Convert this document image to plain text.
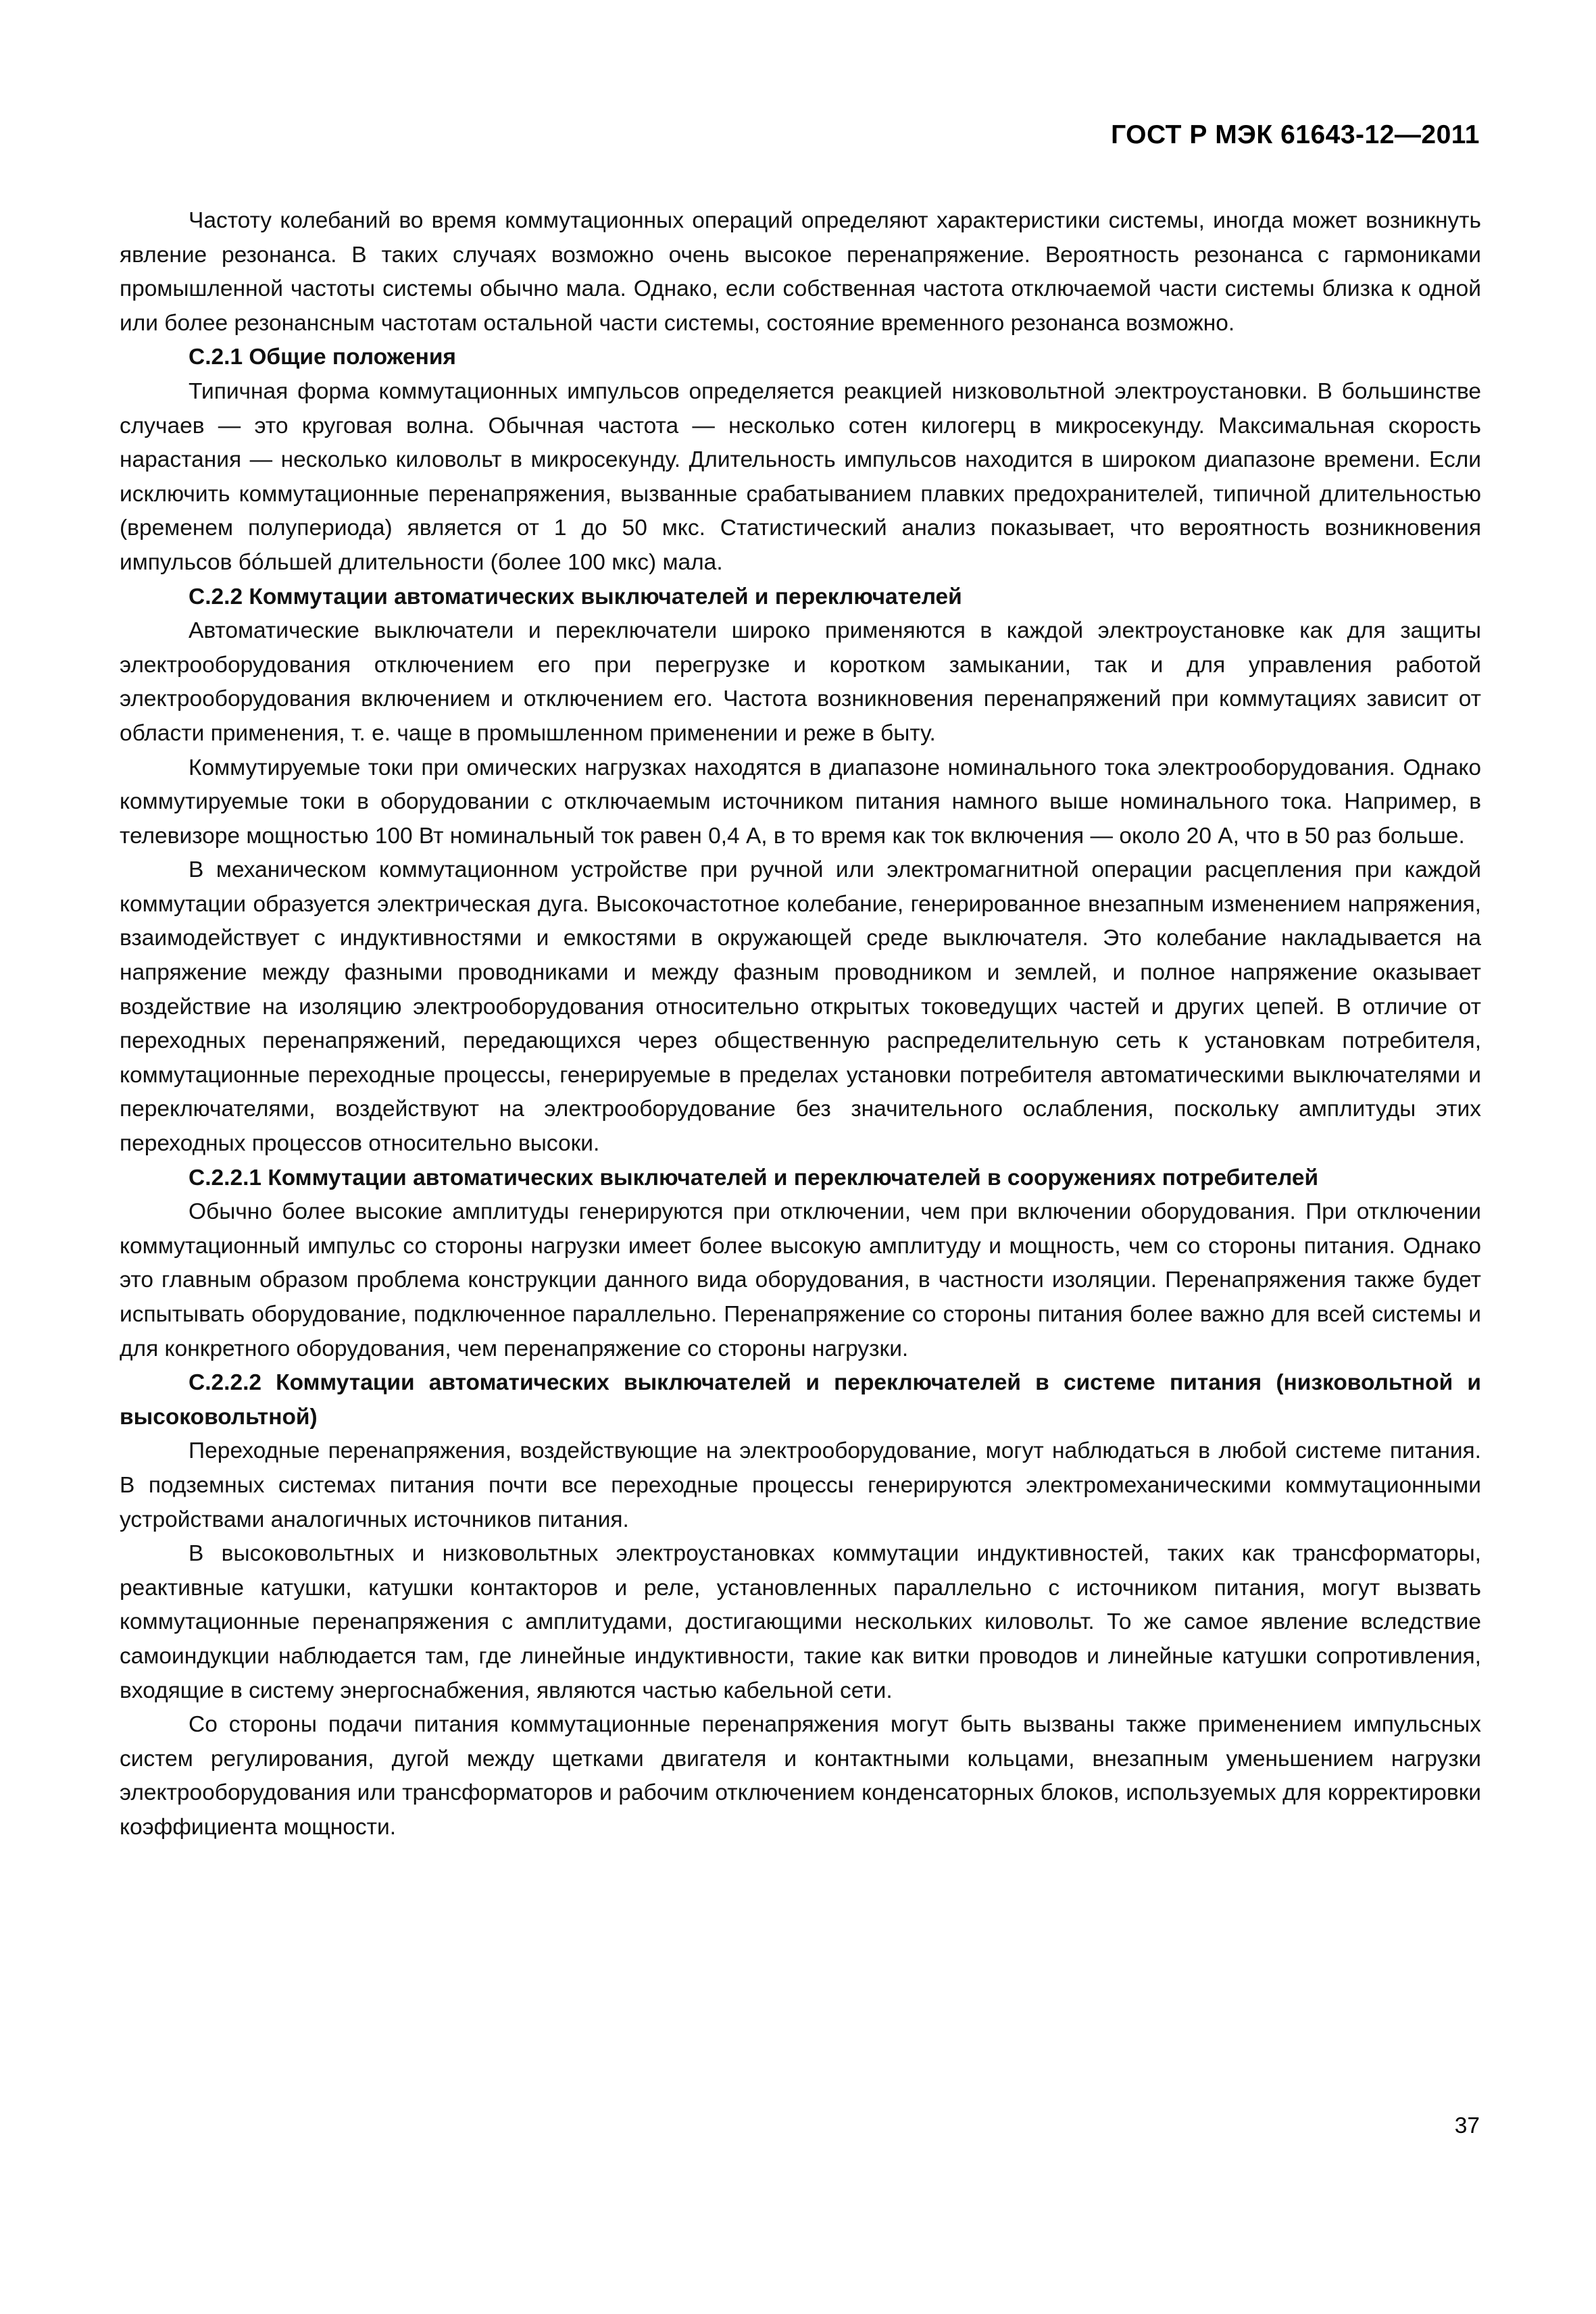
ГОСТ Р МЭК 61643-12—2011

Частоту колебаний во время коммутационных операций определяют характеристики системы, иногда может возникнуть явление резонанса. В таких случаях возможно очень высокое перенапряжение. Вероятность резонанса с гармониками промышленной частоты системы обычно мала. Однако, если собственная частота отключаемой части системы близка к одной или более резонансным частотам остальной части системы, состояние временного резонанса возможно.

С.2.1 Общие положения

Типичная форма коммутационных импульсов определяется реакцией низковольтной электроустановки. В большинстве случаев — это круговая волна. Обычная частота — несколько сотен килогерц в микросекунду. Максимальная скорость нарастания — несколько киловольт в микросекунду. Длительность импульсов находится в широком диапазоне времени. Если исключить коммутационные перенапряжения, вызванные срабатыванием плавких предохранителей, типичной длительностью (временем полупериода) является от 1 до 50 мкс. Статистический анализ показывает, что вероятность возникновения импульсов бóльшей длительности (более 100 мкс) мала.

С.2.2 Коммутации автоматических выключателей и переключателей

Автоматические выключатели и переключатели широко применяются в каждой электроустановке как для защиты электрооборудования отключением его при перегрузке и коротком замыкании, так и для управления работой электрооборудования включением и отключением его. Частота возникновения перенапряжений при коммутациях зависит от области применения, т. е. чаще в промышленном применении и реже в быту.

Коммутируемые токи при омических нагрузках находятся в диапазоне номинального тока электрооборудования. Однако коммутируемые токи в оборудовании с отключаемым источником питания намного выше номинального тока. Например, в телевизоре мощностью 100 Вт номинальный ток равен 0,4 А, в то время как ток включения — около 20 А, что в 50 раз больше.

В механическом коммутационном устройстве при ручной или электромагнитной операции расцепления при каждой коммутации образуется электрическая дуга. Высокочастотное колебание, генерированное внезапным изменением напряжения, взаимодействует с индуктивностями и емкостями в окружающей среде выключателя. Это колебание накладывается на напряжение между фазными проводниками и между фазным проводником и землей, и полное напряжение оказывает воздействие на изоляцию электрооборудования относительно открытых токоведущих частей и других цепей. В отличие от переходных перенапряжений, передающихся через общественную распределительную сеть к установкам потребителя, коммутационные переходные процессы, генерируемые в пределах установки потребителя автоматическими выключателями и переключателями, воздействуют на электрооборудование без значительного ослабления, поскольку амплитуды этих переходных процессов относительно высоки.

С.2.2.1 Коммутации автоматических выключателей и переключателей в сооружениях потребителей

Обычно более высокие амплитуды генерируются при отключении, чем при включении оборудования. При отключении коммутационный импульс со стороны нагрузки имеет более высокую амплитуду и мощность, чем со стороны питания. Однако это главным образом проблема конструкции данного вида оборудования, в частности изоляции. Перенапряжения также будет испытывать оборудование, подключенное параллельно. Перенапряжение со стороны питания более важно для всей системы и для конкретного оборудования, чем перенапряжение со стороны нагрузки.

С.2.2.2 Коммутации автоматических выключателей и переключателей в системе питания (низковольтной и высоковольтной)

Переходные перенапряжения, воздействующие на электрооборудование, могут наблюдаться в любой системе питания. В подземных системах питания почти все переходные процессы генерируются электромеханическими коммутационными устройствами аналогичных источников питания.

В высоковольтных и низковольтных электроустановках коммутации индуктивностей, таких как трансформаторы, реактивные катушки, катушки контакторов и реле, установленных параллельно с источником питания, могут вызвать коммутационные перенапряжения с амплитудами, достигающими нескольких киловольт. То же самое явление вследствие самоиндукции наблюдается там, где линейные индуктивности, такие как витки проводов и линейные катушки сопротивления, входящие в систему энергоснабжения, являются частью кабельной сети.

Со стороны подачи питания коммутационные перенапряжения могут быть вызваны также применением импульсных систем регулирования, дугой между щетками двигателя и контактными кольцами, внезапным уменьшением нагрузки электрооборудования или трансформаторов и рабочим отключением конденсаторных блоков, используемых для корректировки коэффициента мощности.

37
